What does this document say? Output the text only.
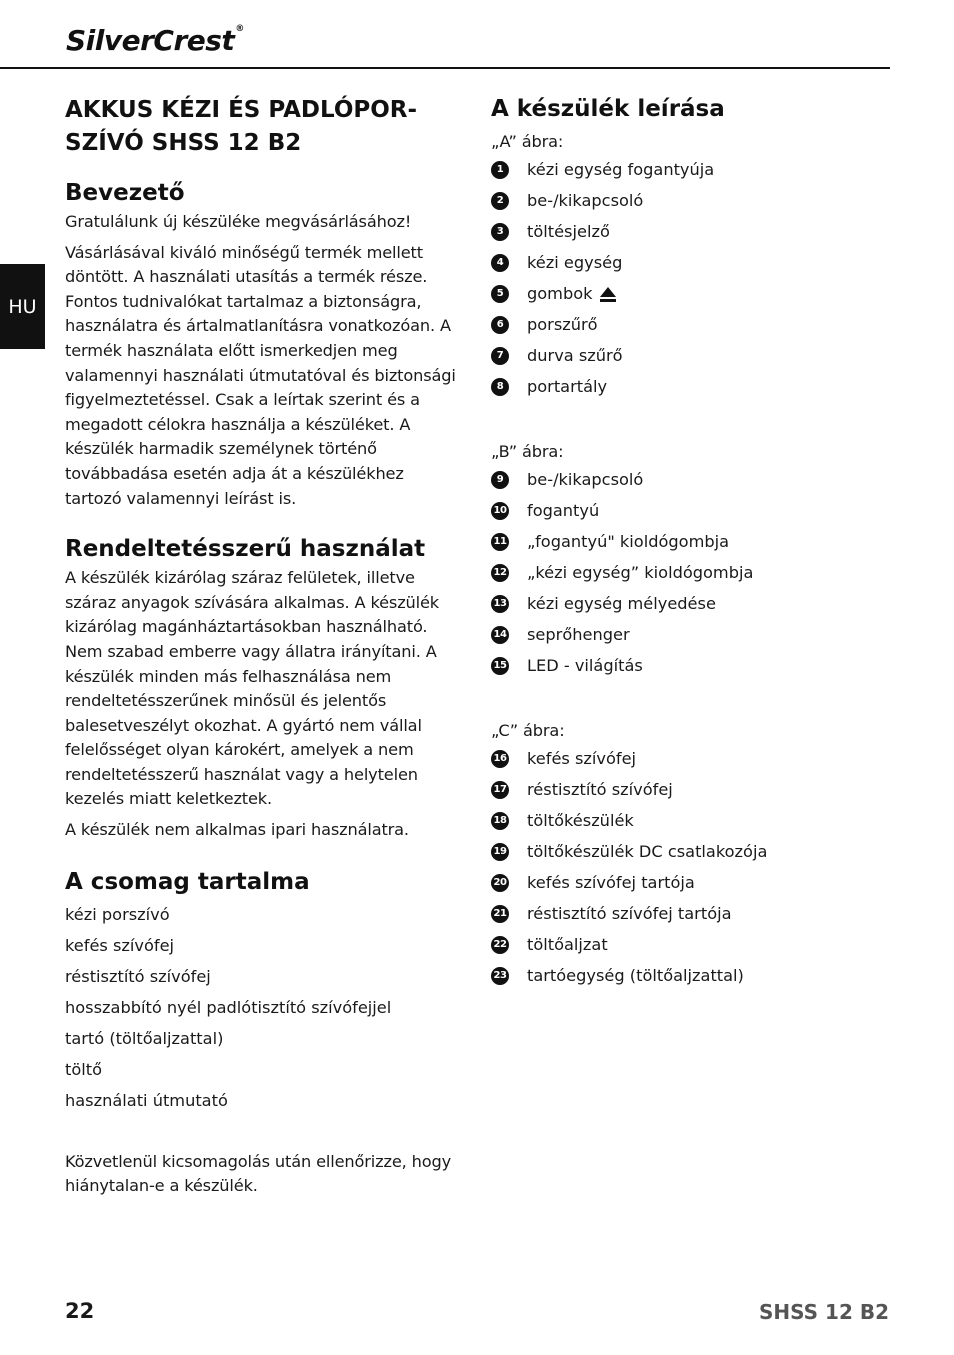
SilverCrest®
HU
AKKUS KÉZI ÉS PADLÓPOR-
SZÍVÓ SHSS 12 B2
Bevezető

Gratulálunk új készüléke megvásárlásához!

Vásárlásával kiváló minőségű termék mellett döntött. A használati utasítás a termék része. Fontos tudnivalókat tartalmaz a biztonságra, használatra és ártalmatlanításra vonatkozóan. A termék használata előtt ismerkedjen meg valamennyi használati útmutatóval és biztonsági figyelmeztetéssel. Csak a leírtak szerint és a megadott célokra használja a készüléket. A készülék harmadik személynek történő továbbadása esetén adja át a készülékhez tartozó valamennyi leírást is.

Rendeltetésszerű használat

A készülék kizárólag száraz felületek, illetve száraz anyagok szívására alkalmas. A készülék kizárólag magánháztartásokban használható. Nem szabad emberre vagy állatra irányítani. A készülék minden más felhasználása nem rendeltetésszerűnek minősül és jelentős balesetveszélyt okozhat. A gyártó nem vállal felelősséget olyan károkért, amelyek a nem rendeltetésszerű használat vagy a helytelen kezelés miatt keletkeztek.

A készülék nem alkalmas ipari használatra.

A csomag tartalma
kézi porszívó
kefés szívófej
réstisztító szívófej
hosszabbító nyél padlótisztító szívófejjel
tartó (töltőaljzattal)
töltő
használati útmutató

Közvetlenül kicsomagolás után ellenőrizze, hogy hiánytalan-e a készülék.

A készülék leírása

„A” ábra:

1	kézi egység fogantyúja
2	be-/kikapcsoló
3	töltésjelző
4	kézi egység
5	gombok
6	porszűrő
7	durva szűrő
8	portartály

„B” ábra:

9	be-/kikapcsoló
10 fogantyú
11 „fogantyú" kioldógombja
12 „kézi egység” kioldógombja
13 kézi egység mélyedése
14 seprőhenger
15 LED - világítás

„C” ábra:

16 kefés szívófej
17 réstisztító szívófej
18 töltőkészülék
19 töltőkészülék DC csatlakozója
20 kefés szívófej tartója
21 réstisztító szívófej tartója
22 töltőaljzat
23 tartóegység (töltőaljzattal)
22	SHSS 12 B2
